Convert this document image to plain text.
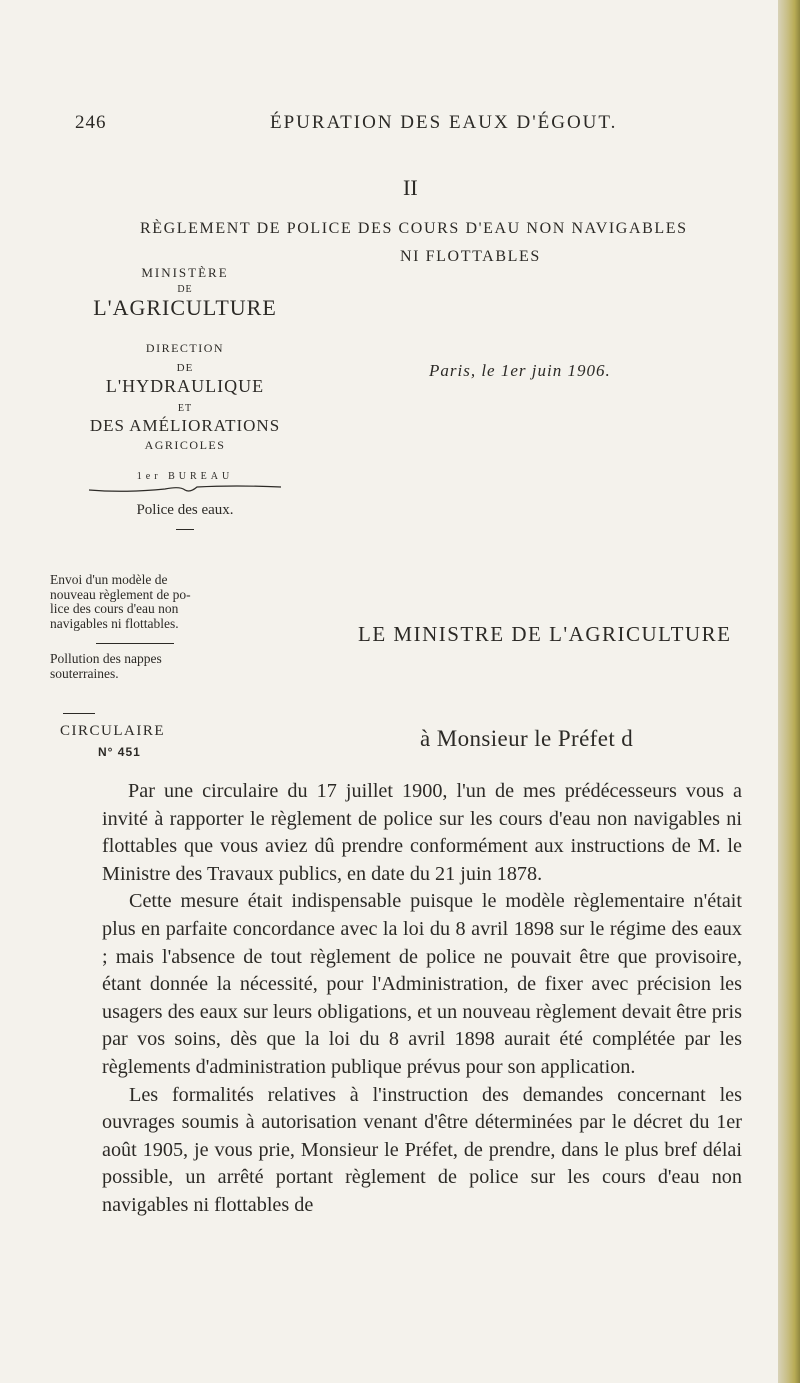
246	ÉPURATION DES EAUX D'ÉGOUT.
II
RÈGLEMENT DE POLICE DES COURS D'EAU NON NAVIGABLES
NI FLOTTABLES
MINISTÈRE
DE
L'AGRICULTURE
DIRECTION
DE
L'HYDRAULIQUE
ET
DES AMÉLIORATIONS
AGRICOLES
1er BUREAU
Police des eaux.
Envoi d'un modèle de
nouveau règlement de po-
lice des cours d'eau non
navigables ni flottables.
Pollution des nappes
souterraines.
CIRCULAIRE
N° 451
Paris, le 1er juin 1906.
LE MINISTRE DE L'AGRICULTURE
à Monsieur le Préfet d

Par une circulaire du 17 juillet 1900, l'un de mes prédécesseurs vous a invité à rapporter le règlement de police sur les cours d'eau non navigables ni flottables que vous aviez dû prendre conformément aux instructions de M. le Ministre des Travaux publics, en date du 21 juin 1878.

Cette mesure était indispensable puisque le modèle règlementaire n'était plus en parfaite concordance avec la loi du 8 avril 1898 sur le régime des eaux ; mais l'absence de tout règlement de police ne pouvait être que provisoire, étant donnée la nécessité, pour l'Administration, de fixer avec précision les usagers des eaux sur leurs obligations, et un nouveau règlement devait être pris par vos soins, dès que la loi du 8 avril 1898 aurait été complétée par les règlements d'administration publique prévus pour son application.

Les formalités relatives à l'instruction des demandes concernant les ouvrages soumis à autorisation venant d'être déterminées par le décret du 1er août 1905, je vous prie, Monsieur le Préfet, de prendre, dans le plus bref délai possible, un arrêté portant règlement de police sur les cours d'eau non navigables ni flottables de
